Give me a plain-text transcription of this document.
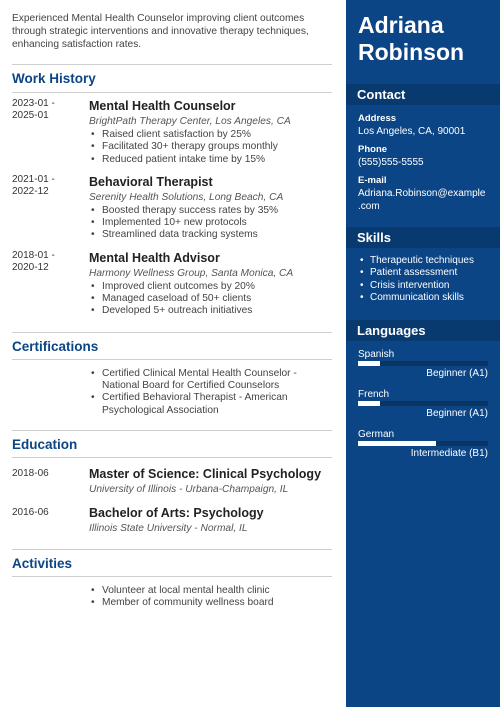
Experienced Mental Health Counselor improving client outcomes through strategic interventions and innovative therapy techniques, enhancing satisfaction rates.

Work History
2023-01 - 2025-01
Mental Health Counselor
BrightPath Therapy Center, Los Angeles, CA
• Raised client satisfaction by 25%
• Facilitated 30+ therapy groups monthly
• Reduced patient intake time by 15%
2021-01 - 2022-12
Behavioral Therapist
Serenity Health Solutions, Long Beach, CA
• Boosted therapy success rates by 35%
• Implemented 10+ new protocols
• Streamlined data tracking systems
2018-01 - 2020-12
Mental Health Advisor
Harmony Wellness Group, Santa Monica, CA
• Improved client outcomes by 20%
• Managed caseload of 50+ clients
• Developed 5+ outreach initiatives
Certifications
• Certified Clinical Mental Health Counselor - National Board for Certified Counselors
• Certified Behavioral Therapist - American Psychological Association
Education
2018-06	Master of Science: Clinical Psychology
University of Illinois - Urbana-Champaign, IL
2016-06	Bachelor of Arts: Psychology
Illinois State University - Normal, IL
Activities
• Volunteer at local mental health clinic
• Member of community wellness board
Adriana
Robinson
Contact
Address
Los Angeles, CA, 90001
Phone
(555)555-5555
E-mail
Adriana.Robinson@example
.com
Skills
• Therapeutic techniques
• Patient assessment
• Crisis intervention
• Communication skills
Languages
Spanish
Beginner (A1)
French
Beginner (A1)
German
Intermediate (B1)
